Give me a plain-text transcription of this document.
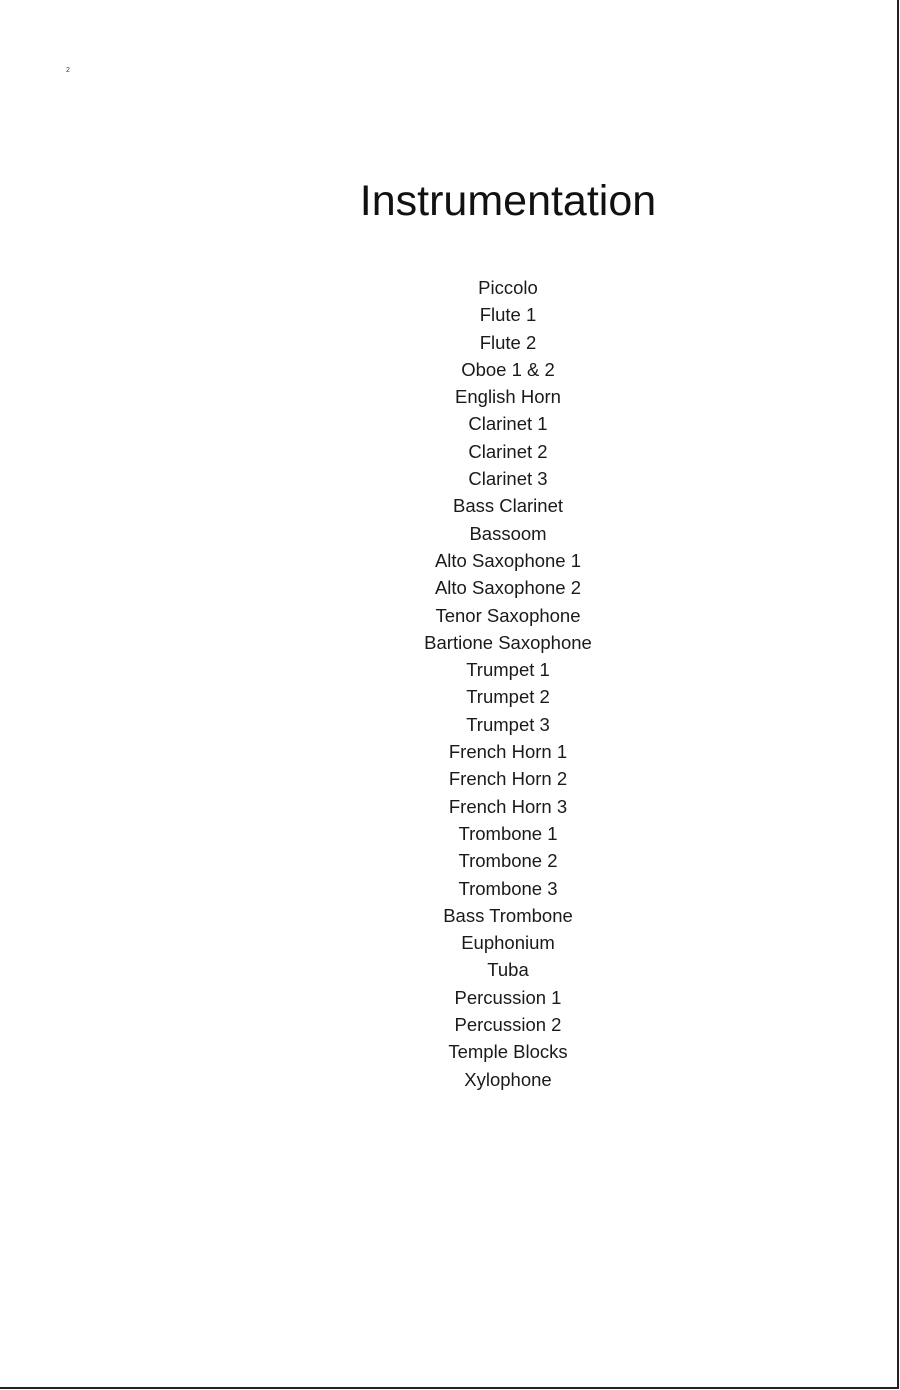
2
Instrumentation
Piccolo
Flute 1
Flute 2
Oboe 1 & 2
English Horn
Clarinet 1
Clarinet 2
Clarinet 3
Bass Clarinet
Bassoom
Alto Saxophone 1
Alto Saxophone 2
Tenor Saxophone
Bartione Saxophone
Trumpet 1
Trumpet 2
Trumpet 3
French Horn 1
French Horn 2
French Horn 3
Trombone 1
Trombone 2
Trombone 3
Bass Trombone
Euphonium
Tuba
Percussion 1
Percussion 2
Temple Blocks
Xylophone
